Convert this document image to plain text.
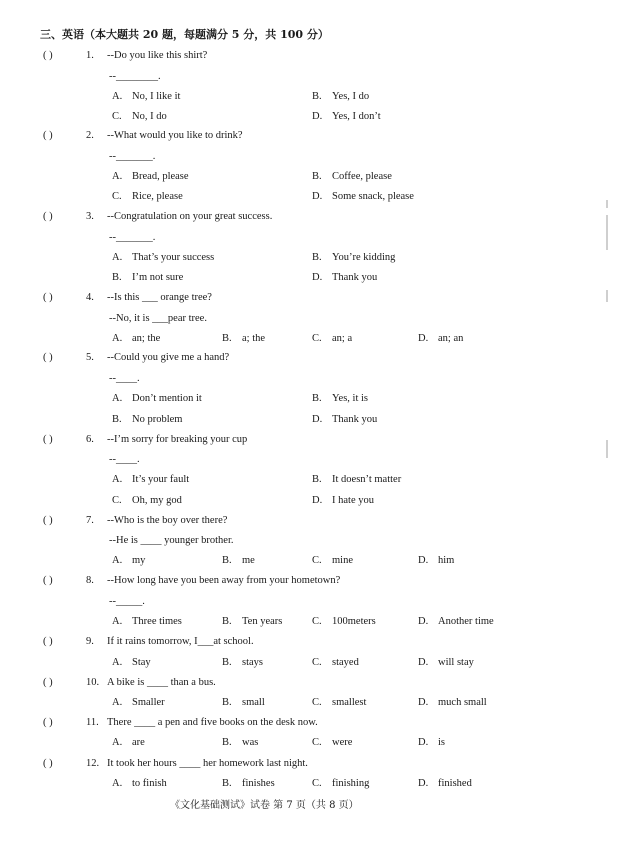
三、英语（本大题共 20 题，每题满分 5 分，共 100 分）
( )	1. --Do you like this shirt?
--________.
A. No, I like it	B. Yes, I do
C. No, I do	D. Yes, I don’t
( )	2. --What would you like to drink?
--_______.
A. Bread, please	B. Coffee, please
C. Rice, please	D. Some snack, please
( )	3. --Congratulation on your great success.
--_______.
A. That’s your success	B. You’re kidding
B. I’m not sure	D. Thank you
( )	4. --Is this ___ orange tree?
--No, it is ___pear tree.
A. an; the	B. a; the	C. an; a	D. an; an
( )	5. --Could you give me a hand?
--____.
A. Don’t mention it	B. Yes, it is
B. No problem	D. Thank you
( )	6. --I’m sorry for breaking your cup
--____.
A. It’s your fault	B. It doesn’t matter
C. Oh, my god	D. I hate you
( )	7. --Who is the boy over there?
--He is ____ younger brother.
A. my	B. me	C. mine	D. him
( )	8. --How long have you been away from your hometown?
--_____.
A. Three times	B. Ten years	C. 100meters	D. Another time
( )	9. If it rains tomorrow, I___at school.
A. Stay	B. stays	C. stayed	D. will stay
( )	10. A bike is ____ than a bus.
A. Smaller	B. small	C. smallest	D. much small
( )	11. There ____ a pen and five books on the desk now.
A. are	B. was	C. were	D. is
( )	12. It took her hours ____ her homework last night.
A. to finish	B. finishes	C. finishing	D. finished
《文化基础测试》试卷 第 7 页（共 8 页）
